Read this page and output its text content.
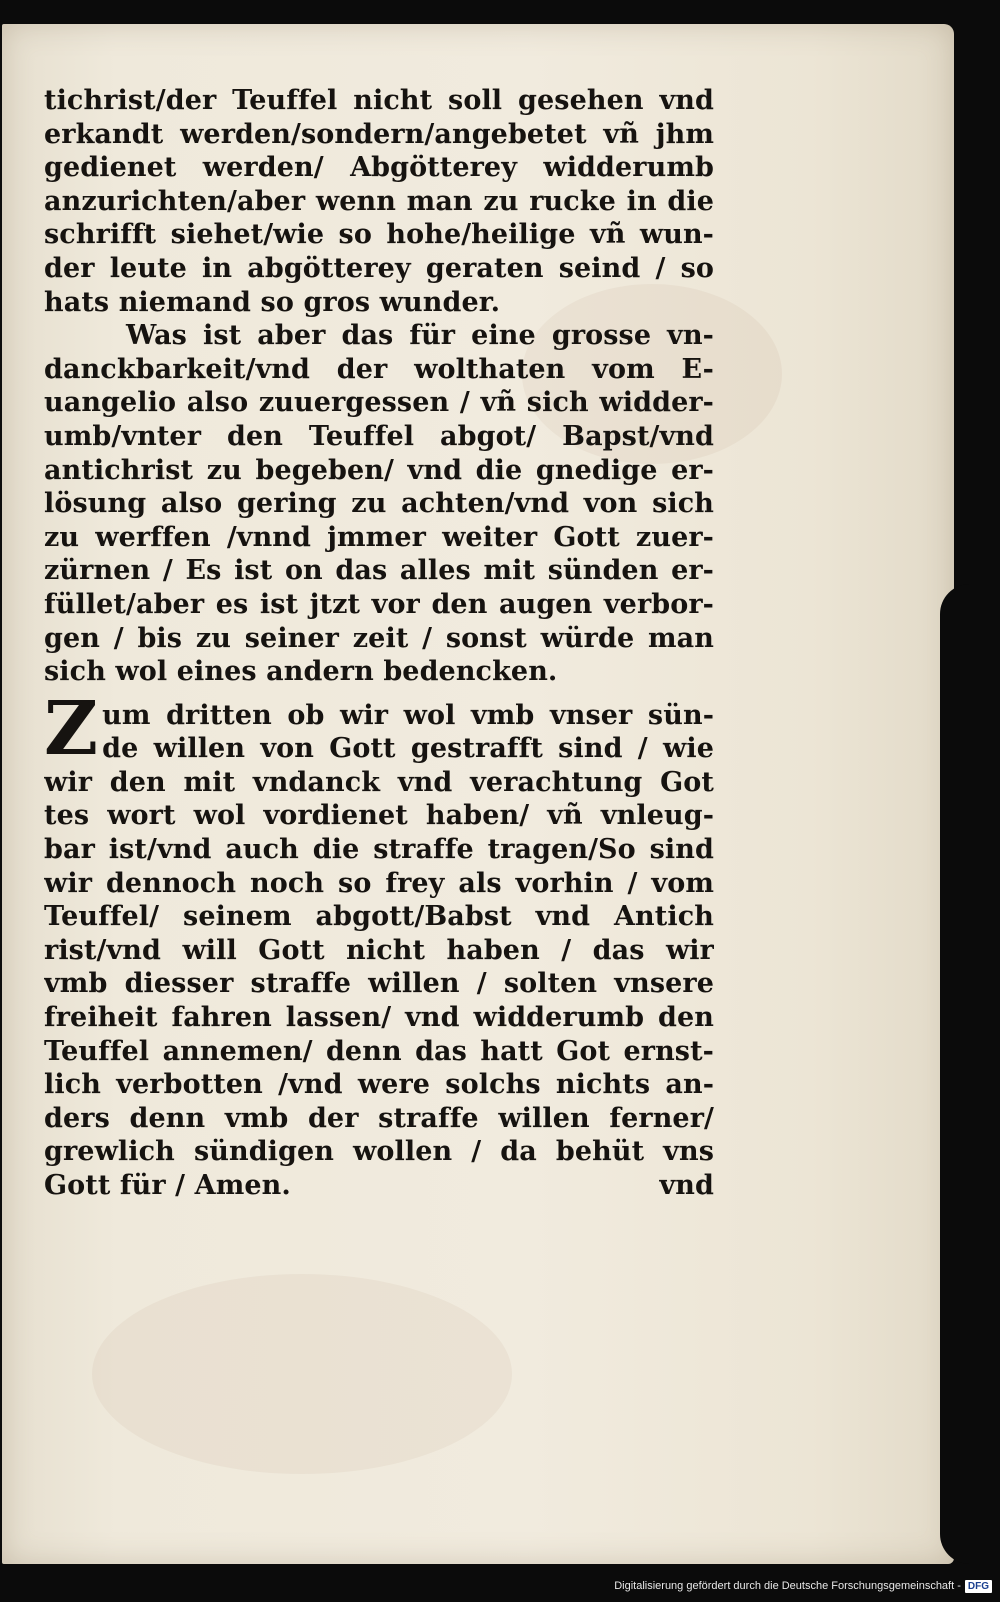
tichrist/der Teuffel nicht soll gesehen vnd
erkandt werden/sondern/angebetet vñ jhm
gedienet werden/ Abgötterey widderumb
anzurichten/aber wenn man zu rucke in die
schrifft siehet/wie so hohe/heilige vñ wun-
der leute in abgötterey geraten seind / so
hats niemand so gros wunder.
Was ist aber das für eine grosse vn-
danckbarkeit/vnd der wolthaten vom E-
uangelio also zuuergessen / vñ sich widder-
umb/vnter den Teuffel abgot/ Bapst/vnd
antichrist zu begeben/ vnd die gnedige er-
lösung also gering zu achten/vnd von sich
zu werffen /vnnd jmmer weiter Gott zuer-
zürnen / Es ist on das alles mit sünden er-
füllet/aber es ist jtzt vor den augen verbor-
gen / bis zu seiner zeit / sonst würde man
sich wol eines andern bedencken.
Z um dritten ob wir wol vmb vnser sün-
de willen von Gott gestrafft sind / wie
wir den mit vndanck vnd verachtung Got
tes wort wol vordienet haben/ vñ vnleug-
bar ist/vnd auch die straffe tragen/So sind
wir dennoch noch so frey als vorhin / vom
Teuffel/ seinem abgott/Babst vnd Antich
rist/vnd will Gott nicht haben / das wir
vmb diesser straffe willen / solten vnsere
freiheit fahren lassen/ vnd widderumb den
Teuffel annemen/ denn das hatt Got ernst-
lich verbotten /vnd were solchs nichts an-
ders denn vmb der straffe willen ferner/
grewlich sündigen wollen / da behüt vns
Gott für / Amen.	vnd
Digitalisierung gefördert durch die Deutsche Forschungsgemeinschaft - DFG
